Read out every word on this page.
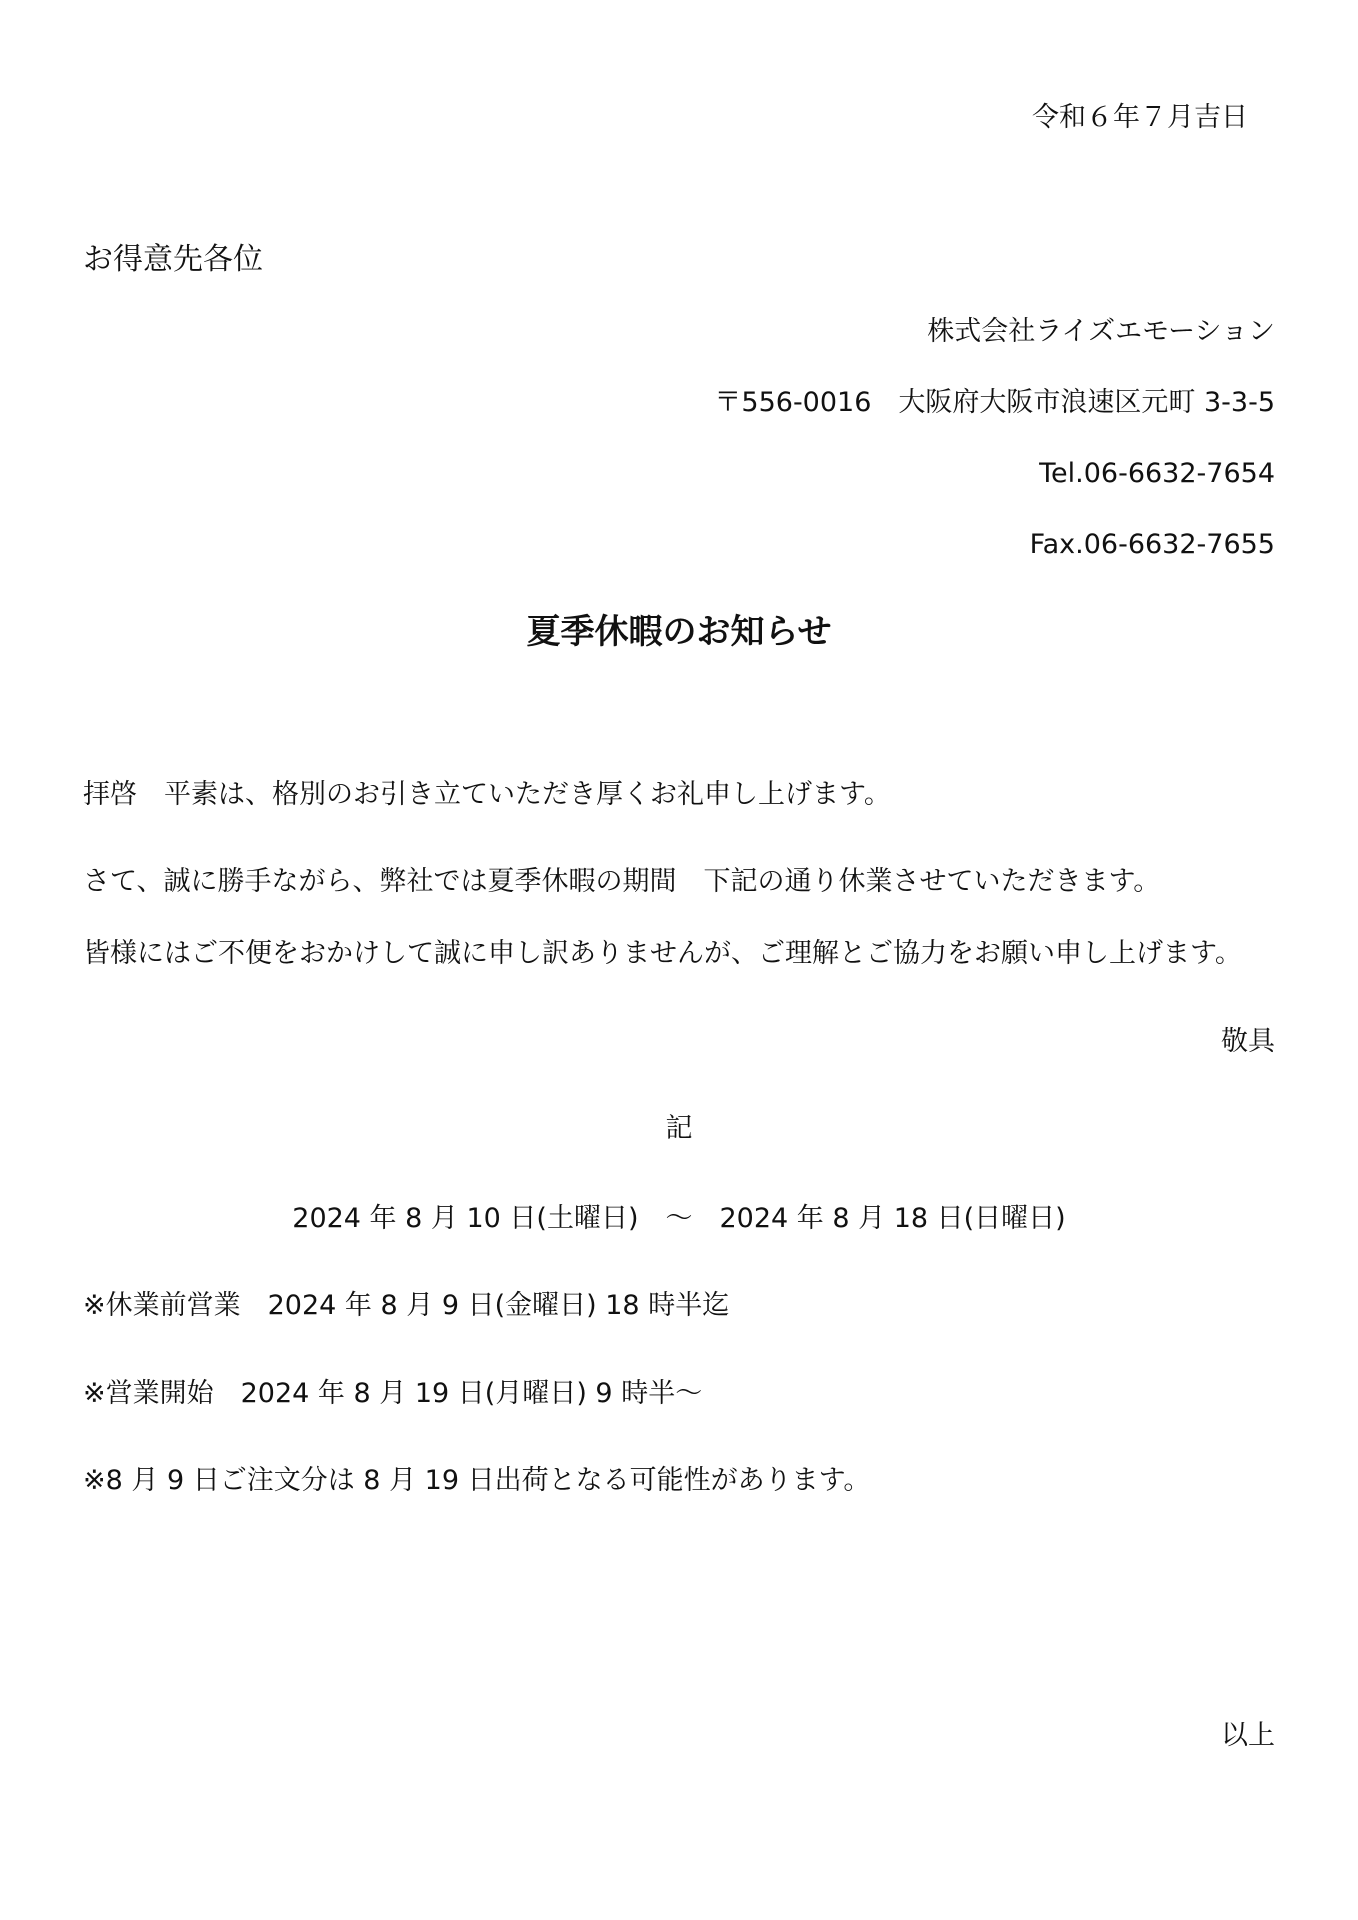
令和６年７月吉日
お得意先各位
株式会社ライズエモーション
〒556-0016　大阪府大阪市浪速区元町 3-3-5
Tel.06-6632-7654
Fax.06-6632-7655
夏季休暇のお知らせ
拝啓　平素は、格別のお引き立ていただき厚くお礼申し上げます。
さて、誠に勝手ながら、弊社では夏季休暇の期間　下記の通り休業させていただきます。
皆様にはご不便をおかけして誠に申し訳ありませんが、ご理解とご協力をお願い申し上げます。
敬具
記
2024 年 8 月 10 日(土曜日)　～　2024 年 8 月 18 日(日曜日)
※休業前営業　2024 年 8 月 9 日(金曜日) 18 時半迄
※営業開始　2024 年 8 月 19 日(月曜日) 9 時半～
※8 月 9 日ご注文分は 8 月 19 日出荷となる可能性があります。
以上
